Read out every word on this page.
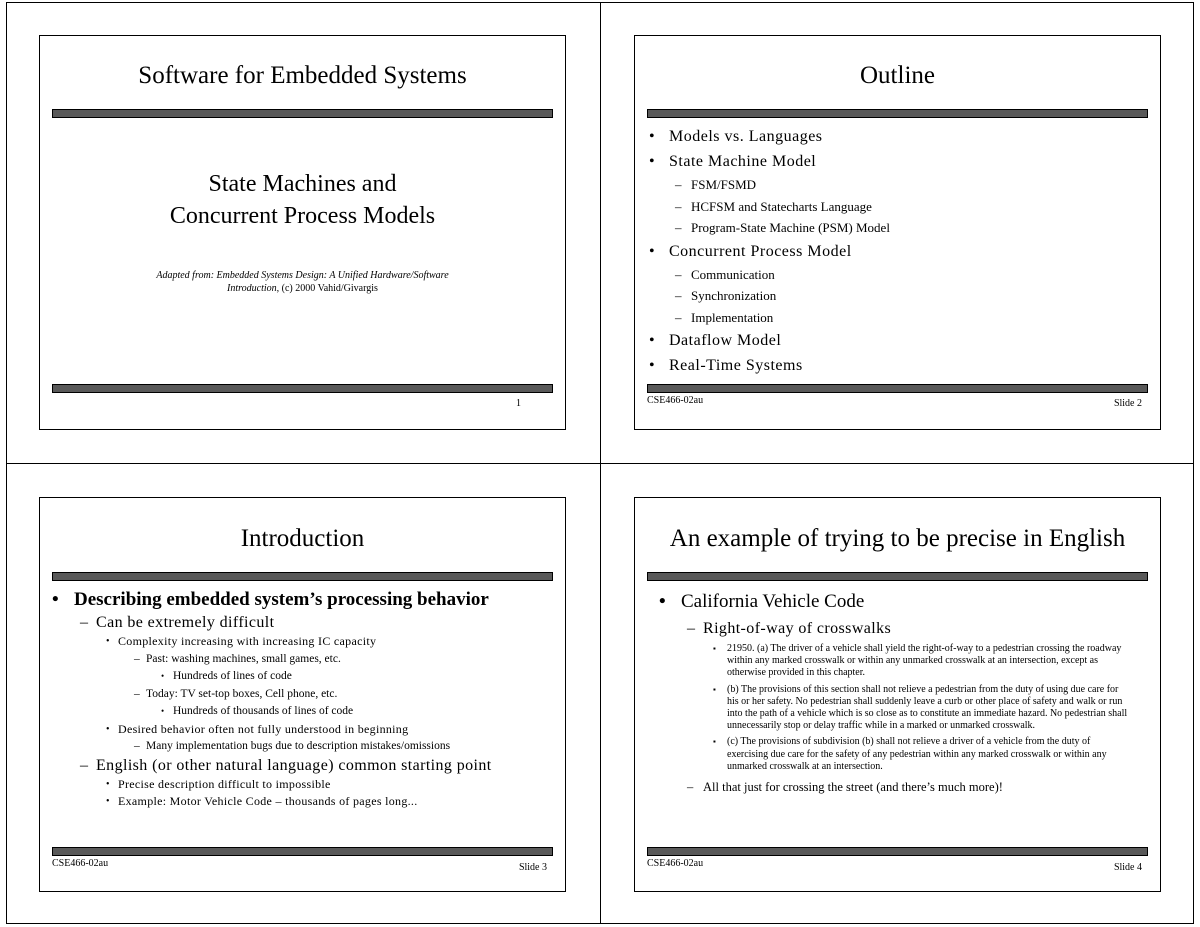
Software for Embedded Systems
State Machines and
Concurrent Process Models
Adapted from: Embedded Systems Design: A Unified Hardware/Software
Introduction, (c) 2000 Vahid/Givargis
1
Outline
• Models vs. Languages
• State Machine Model
– FSM/FSMD
– HCFSM and Statecharts Language
– Program-State Machine (PSM) Model
• Concurrent Process Model
– Communication
– Synchronization
– Implementation
• Dataflow Model
• Real-Time Systems
CSE466-02au	Slide 2
Introduction
• Describing embedded system’s processing behavior
– Can be extremely difficult
• Complexity increasing with increasing IC capacity
– Past: washing machines, small games, etc.
• Hundreds of lines of code
– Today: TV set-top boxes, Cell phone, etc.
• Hundreds of thousands of lines of code
• Desired behavior often not fully understood in beginning
– Many implementation bugs due to description mistakes/omissions
– English (or other natural language) common starting point
• Precise description difficult to impossible
• Example: Motor Vehicle Code – thousands of pages long...
CSE466-02au	Slide 3
An example of trying to be precise in English
• California Vehicle Code
– Right-of-way of crosswalks
▪ 21950. (a) The driver of a vehicle shall yield the right-of-way to a pedestrian crossing the roadway within any marked crosswalk or within any unmarked crosswalk at an intersection, except as otherwise provided in this chapter.
▪ (b) The provisions of this section shall not relieve a pedestrian from the duty of using due care for his or her safety. No pedestrian shall suddenly leave a curb or other place of safety and walk or run into the path of a vehicle which is so close as to constitute an immediate hazard. No pedestrian shall unnecessarily stop or delay traffic while in a marked or unmarked crosswalk.
▪ (c) The provisions of subdivision (b) shall not relieve a driver of a vehicle from the duty of exercising due care for the safety of any pedestrian within any marked crosswalk or within any unmarked crosswalk at an intersection.
– All that just for crossing the street (and there’s much more)!
CSE466-02au	Slide 4
